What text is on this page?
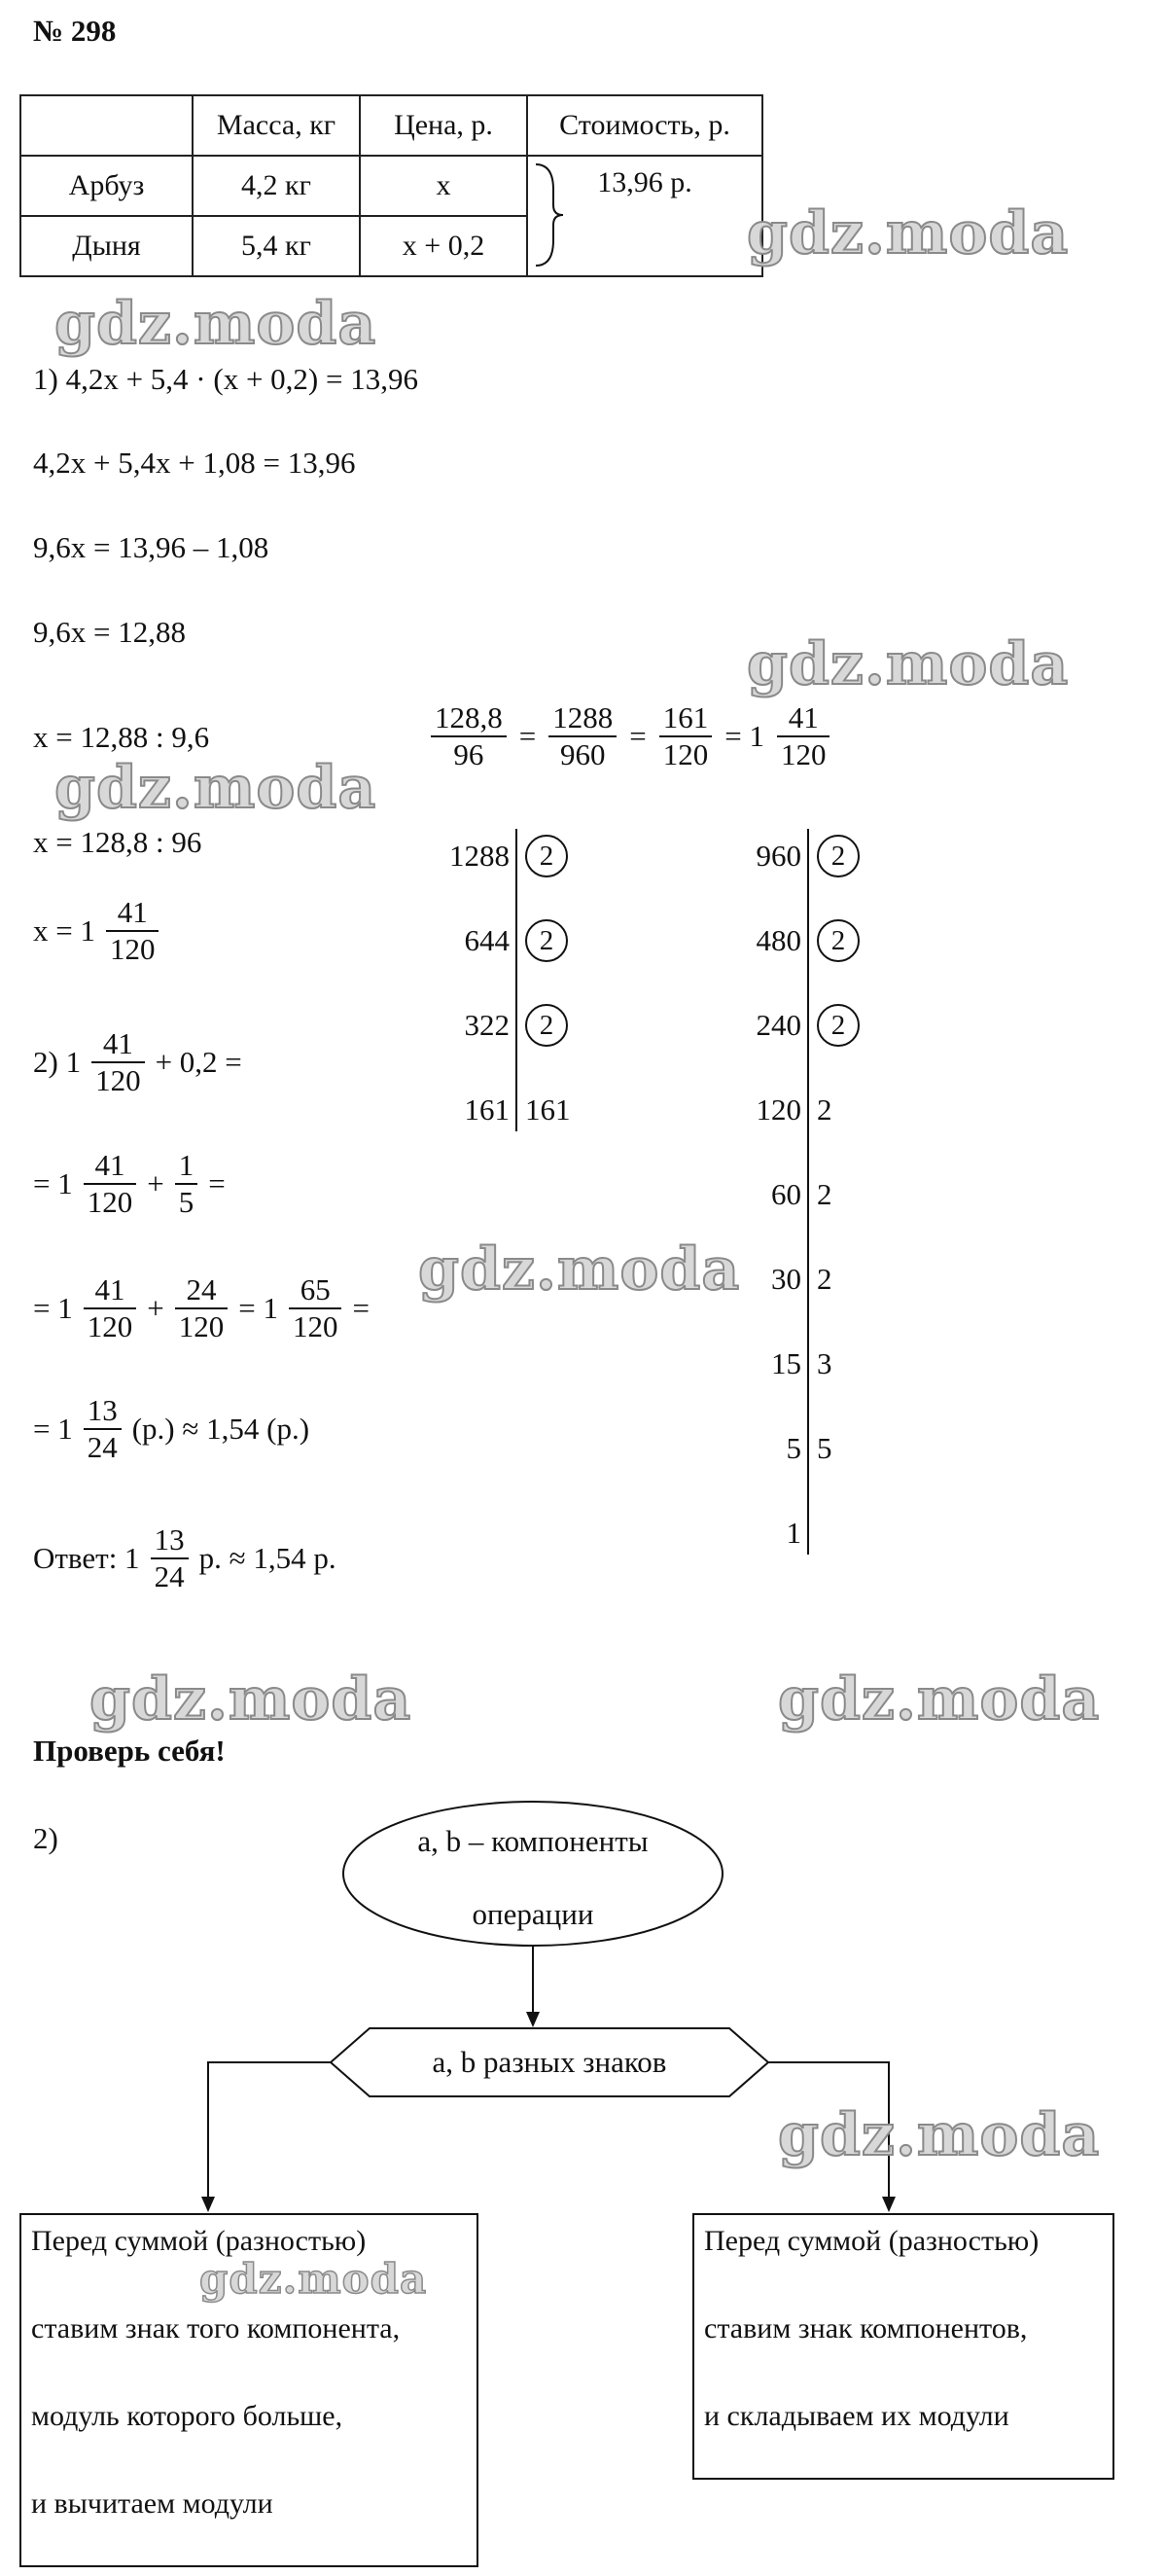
№ 298
	Масса, кг	Цена, р.	Стоимость, р.
Арбуз	4,2 кг	x	13,96 р.
Дыня	5,4 кг	x + 0,2	
1) 4,2x + 5,4 · (x + 0,2) = 13,96
4,2x + 5,4x + 1,08 = 13,96
9,6x = 13,96 – 1,08
9,6x = 12,88
x = 12,88 : 9,6
x = 128,8 : 96
$x = 1 \frac{41}{120}$
2) $1 \frac{41}{120} + 0,2$ =
= $1 \frac{41}{120} + \frac{1}{5}$ =
= $1 \frac{41}{120} + \frac{24}{120} = 1 \frac{65}{120}$ =
= $1 \frac{13}{24} (р.) \approx 1,54$ (р.)
Ответ: $1 \frac{13}{24} р$. ≈ 1,54 р.
$\frac{128,8}{96} = \frac{1288}{960} = \frac{161}{120} = 1 \frac{41}{120}$
1288	2
644	2
322	2
161 161
960	2
480	2
240	2
120 2
60 2
30 2
15 3
5 5
1
Проверь себя!
2)	a, b – компоненты
операции
a, b разных знаков
Перед суммой (разностью)
ставим знак того компонента,
модуль которого больше,
и вычитаем модули
Перед суммой (разностью)
ставим знак компонентов,
и складываем их модули
gdz.moda
gdz.moda
gdz.moda
gdz.moda
gdz.moda
gdz.moda	gdz.moda
gdz.moda
gdz.moda
